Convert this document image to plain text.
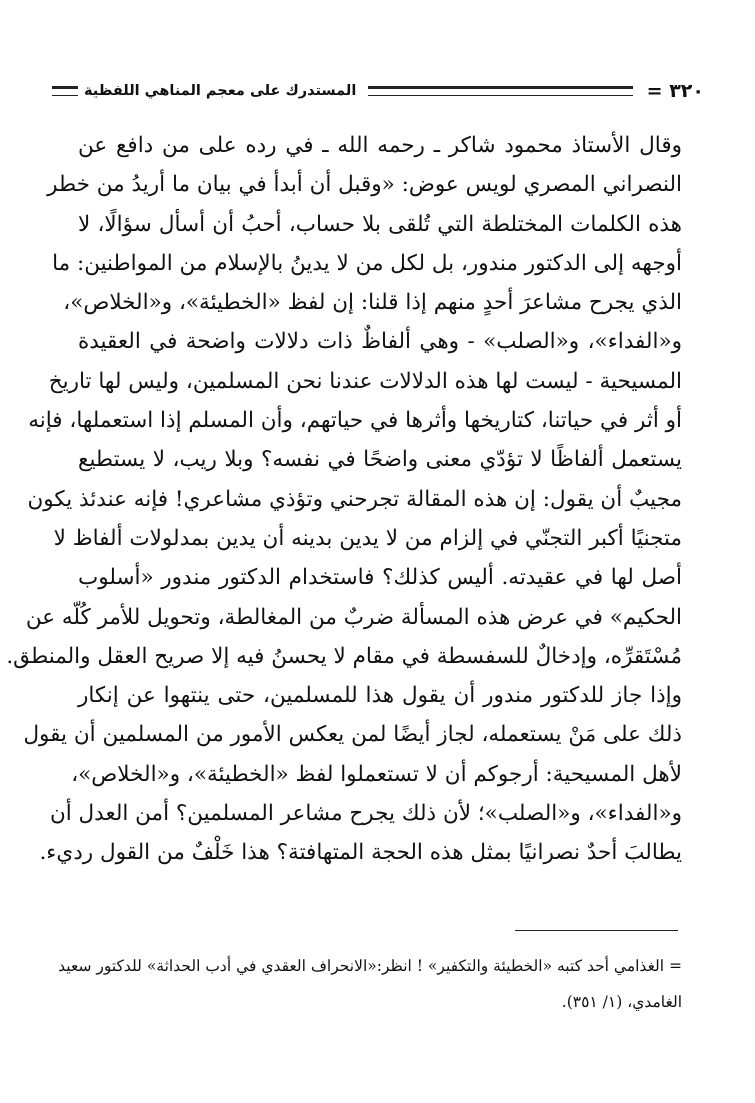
٣٢٠ =
المستدرك على معجم المناهي اللفظية
وقال الأستاذ محمود شاكر ـ رحمه الله ـ في رده على من دافع عن
النصراني المصري لويس عوض: «وقبل أن أبدأ في بيان ما أريدُ من خطر
هذه الكلمات المختلطة التي تُلقى بلا حساب، أحبُ أن أسأل سؤالًا، لا
أوجهه إلى الدكتور مندور، بل لكل من لا يدينُ بالإسلام من المواطنين: ما
الذي يجرح مشاعرَ أحدٍ منهم إذا قلنا: إن لفظ «الخطيئة»، و«الخلاص»،
و«الفداء»، و«الصلب» - وهي ألفاظٌ ذات دلالات واضحة في العقيدة
المسيحية - ليست لها هذه الدلالات عندنا نحن المسلمين، وليس لها تاريخ
أو أثر في حياتنا، كتاريخها وأثرها في حياتهم، وأن المسلم إذا استعملها، فإنه
يستعمل ألفاظًا لا تؤدّي معنى واضحًا في نفسه؟ وبلا ريب، لا يستطيع
مجيبٌ أن يقول: إن هذه المقالة تجرحني وتؤذي مشاعري! فإنه عندئذ يكون
متجنيًا أكبر التجنّي في إلزام من لا يدين بدينه أن يدين بمدلولات ألفاظ لا
أصل لها في عقيدته. أليس كذلك؟ فاستخدام الدكتور مندور «أسلوب
الحكيم» في عرض هذه المسألة ضربٌ من المغالطة، وتحويل للأمر كُلّه عن
مُسْتَقرِّه، وإدخالٌ للسفسطة في مقام لا يحسنُ فيه إلا صريح العقل والمنطق.
وإذا جاز للدكتور مندور أن يقول هذا للمسلمين، حتى ينتهوا عن إنكار
ذلك على مَنْ يستعمله، لجاز أيضًا لمن يعكس الأمور من المسلمين أن يقول
لأهل المسيحية: أرجوكم أن لا تستعملوا لفظ «الخطيئة»، و«الخلاص»،
و«الفداء»، و«الصلب»؛ لأن ذلك يجرح مشاعر المسلمين؟ أمن العدل أن
يطالبَ أحدٌ نصرانيًا بمثل هذه الحجة المتهافتة؟ هذا خَلْفٌ من القول رديء.
= الغذامي أحد كتبه «الخطيئة والتكفير» ! انظر:«الانحراف العقدي في أدب الحداثة» للدكتور سعيد
الغامدي، (١/ ٣٥١).
